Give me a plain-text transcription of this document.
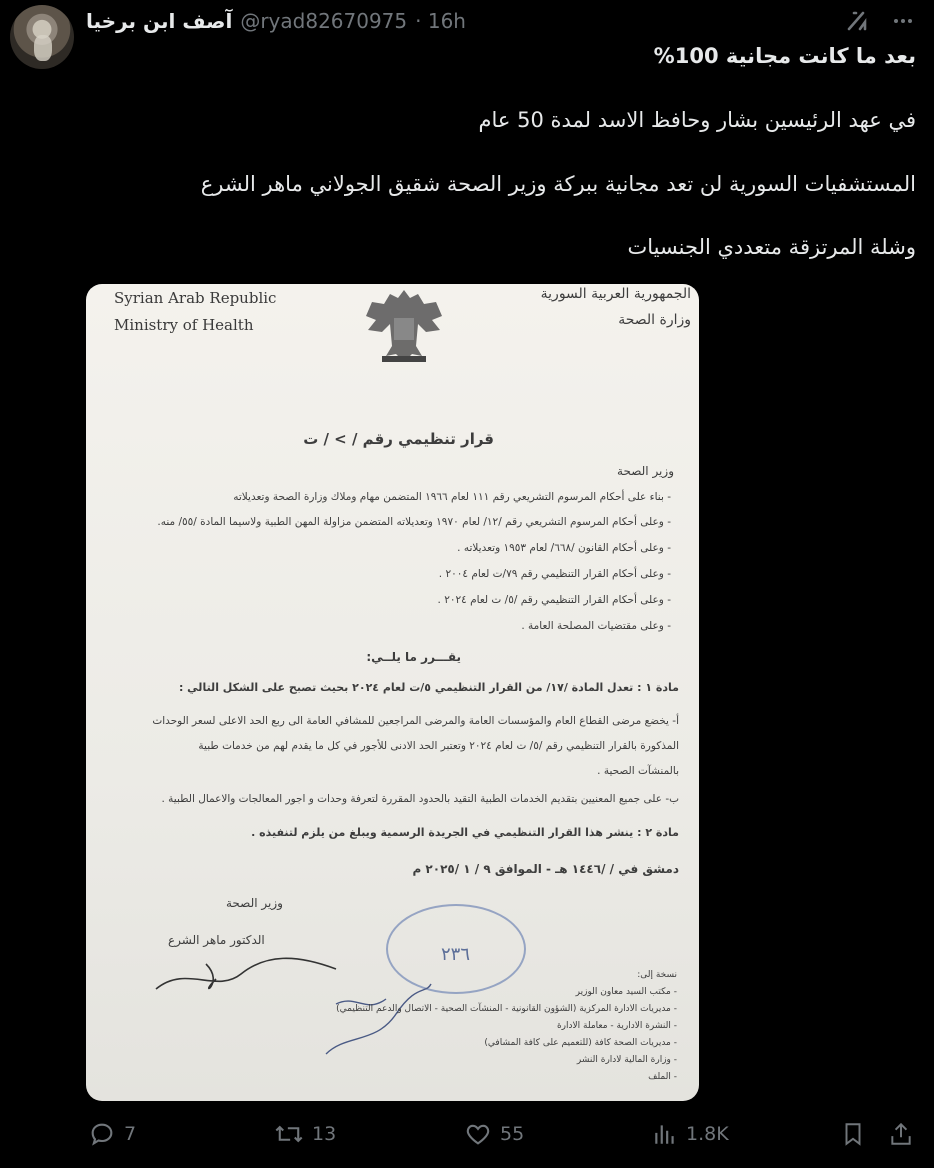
آصف ابن برخيا @ryad82670975 · 16h
بعد ما كانت مجانية 100%
في عهد الرئيسين بشار وحافظ الاسد لمدة 50 عام
المستشفيات السورية لن تعد مجانية ببركة وزير الصحة شقيق الجولاني ماهر الشرع
وشلة المرتزقة متعددي الجنسيات
Syrian Arab Republic
Ministry of Health
الجمهورية العربية السورية
وزارة الصحة
قرار تنظيمي رقم / > / ت
وزير الصحة
- بناء على أحكام المرسوم التشريعي رقم ١١١ لعام ١٩٦٦ المتضمن مهام وملاك وزارة الصحة وتعديلاته
- وعلى أحكام المرسوم التشريعي رقم /١٢/ لعام ١٩٧٠ وتعديلاته المتضمن مزاولة المهن الطبية ولاسيما المادة /٥٥/ منه.
- وعلى أحكام القانون /٦٦٨/ لعام ١٩٥٣ وتعديلاته .
- وعلى أحكام القرار التنظيمي رقم ٧٩/ت لعام ٢٠٠٤ .
- وعلى أحكام القرار التنظيمي رقم /٥/ ت لعام ٢٠٢٤ .
- وعلى مقتضيات المصلحة العامة .
يقـــرر ما يلــي:
مادة ١ : تعدل المادة /١٧/ من القرار التنظيمي ٥/ت لعام ٢٠٢٤ بحيث تصبح على الشكل التالي :
أ- يخضع مرضى القطاع العام والمؤسسات العامة والمرضى المراجعين للمشافي العامة الى ربع الحد الاعلى لسعر الوحدات
المذكورة بالقرار التنظيمي رقم /٥/ ت لعام ٢٠٢٤ وتعتبر الحد الادنى للأجور في كل ما يقدم لهم من خدمات طبية
بالمنشآت الصحية .
ب- على جميع المعنيين بتقديم الخدمات الطبية التقيد بالحدود المقررة لتعرفة وحدات و اجور المعالجات والاعمال الطبية .
مادة ٢ : ينشر هذا القرار التنظيمي في الجريدة الرسمية ويبلغ من يلزم لتنفيذه .
دمشق في / /١٤٤٦ هـ - الموافق ٩ / ١ /٢٠٢٥ م
وزير الصحة
الدكتور ماهر الشرع
٢٣٦
نسخة إلى:
- مكتب السيد معاون الوزير
- مديريات الادارة المركزية (الشؤون القانونية - المنشآت الصحية - الاتصال والدعم التنظيمي)
- النشرة الادارية - معاملة الادارة
- مديريات الصحة كافة (للتعميم على كافة المشافي)
- وزارة المالية لادارة النشر
- الملف
7	13	55	1.8K
